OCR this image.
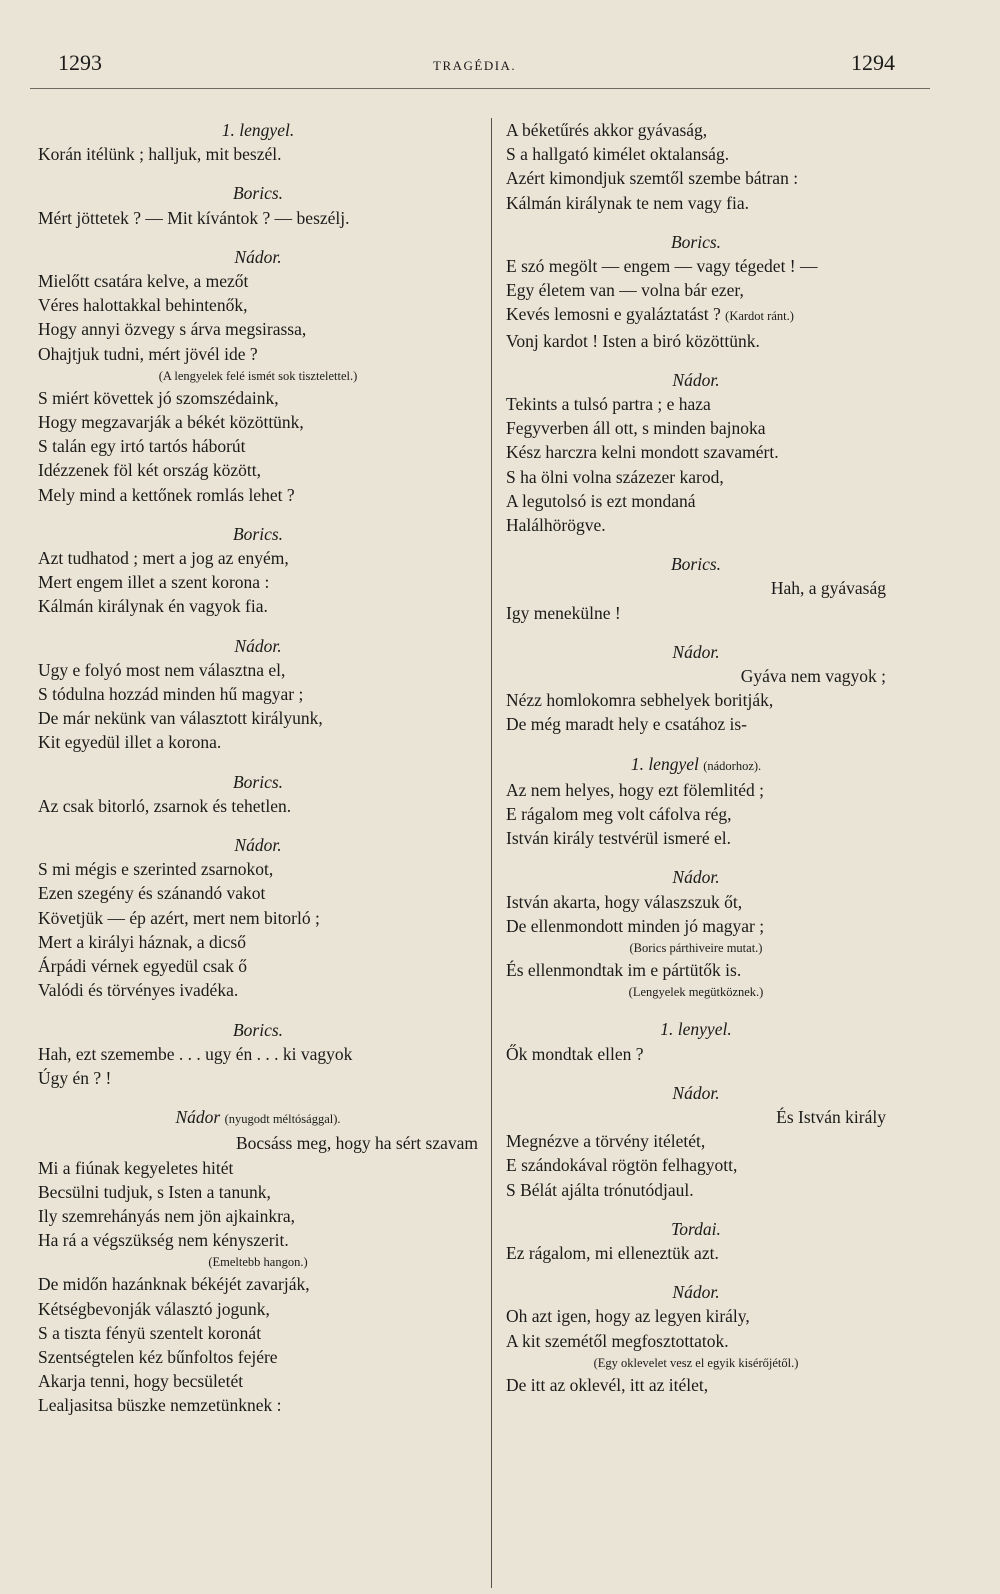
1293	TRAGÉDIA.	1294
1. lengyel.
Korán itélünk ; halljuk, mit beszél.
Borics.
Mért jöttetek ? — Mit kívántok ? — beszélj.
Nádor.
Mielőtt csatára kelve, a mezőt
Véres halottakkal behintenők,
Hogy annyi özvegy s árva megsirassa,
Ohajtjuk tudni, mért jövél ide ?
(A lengyelek felé ismét sok tisztelettel.)
S miért követtek jó szomszédaink,
Hogy megzavarják a békét közöttünk,
S talán egy irtó tartós háborút
Idézzenek föl két ország között,
Mely mind a kettőnek romlás lehet ?
Borics.
Azt tudhatod ; mert a jog az enyém,
Mert engem illet a szent korona :
Kálmán királynak én vagyok fia.
Nádor.
Ugy e folyó most nem választna el,
S tódulna hozzád minden hű magyar ;
De már nekünk van választott királyunk,
Kit egyedül illet a korona.
Borics.
Az csak bitorló, zsarnok és tehetlen.
Nádor.
S mi mégis e szerinted zsarnokot,
Ezen szegény és szánandó vakot
Követjük — ép azért, mert nem bitorló ;
Mert a királyi háznak, a dicső
Árpádi vérnek egyedül csak ő
Valódi és törvényes ivadéka.
Borics.
Hah, ezt szemembe . . . ugy én . . . ki vagyok
Úgy én ? !
Nádor (nyugodt méltósággal).
Bocsáss meg, hogy ha sért szavam
Mi a fiúnak kegyeletes hitét
Becsülni tudjuk, s Isten a tanunk,
Ily szemrehányás nem jön ajkainkra,
Ha rá a végszükség nem kényszerit.
(Emeltebb hangon.)
De midőn hazánknak békéjét zavarják,
Kétségbevonják választó jogunk,
S a tiszta fényü szentelt koronát
Szentségtelen kéz bűnfoltos fejére
Akarja tenni, hogy becsületét
Lealjasitsa büszke nemzetünknek :
A béketűrés akkor gyávaság,
S a hallgató kimélet oktalanság.
Azért kimondjuk szemtől szembe bátran :
Kálmán királynak te nem vagy fia.
Borics.
E szó megölt — engem — vagy tégedet ! —
Egy életem van — volna bár ezer,
Kevés lemosni e gyaláztatást ? (Kardot ránt.)
Vonj kardot ! Isten a biró közöttünk.
Nádor.
Tekints a tulsó partra ; e haza
Fegyverben áll ott, s minden bajnoka
Kész harczra kelni mondott szavamért.
S ha ölni volna százezer karod,
A legutolsó is ezt mondaná
Halálhörögve.
Borics.
Hah, a gyávaság
Igy menekülne !
Nádor.
Gyáva nem vagyok ;
Nézz homlokomra sebhelyek boritják,
De még maradt hely e csatához is-
1. lengyel (nádorhoz).
Az nem helyes, hogy ezt fölemlitéd ;
E rágalom meg volt cáfolva rég,
István király testvérül ismeré el.
Nádor.
István akarta, hogy válaszszuk őt,
De ellenmondott minden jó magyar ;
(Borics párthiveire mutat.)
És ellenmondtak im e pártütők is.
(Lengyelek megütköznek.)
1. lenyyel.
Ők mondtak ellen ?
Nádor.
És István király
Megnézve a törvény itéletét,
E szándokával rögtön felhagyott,
S Bélát ajálta trónutódjaul.
Tordai.
Ez rágalom, mi elleneztük azt.
Nádor.
Oh azt igen, hogy az legyen király,
A kit szemétől megfosztottatok.
(Egy oklevelet vesz el egyik kisérőjétől.)
De itt az oklevél, itt az itélet,
